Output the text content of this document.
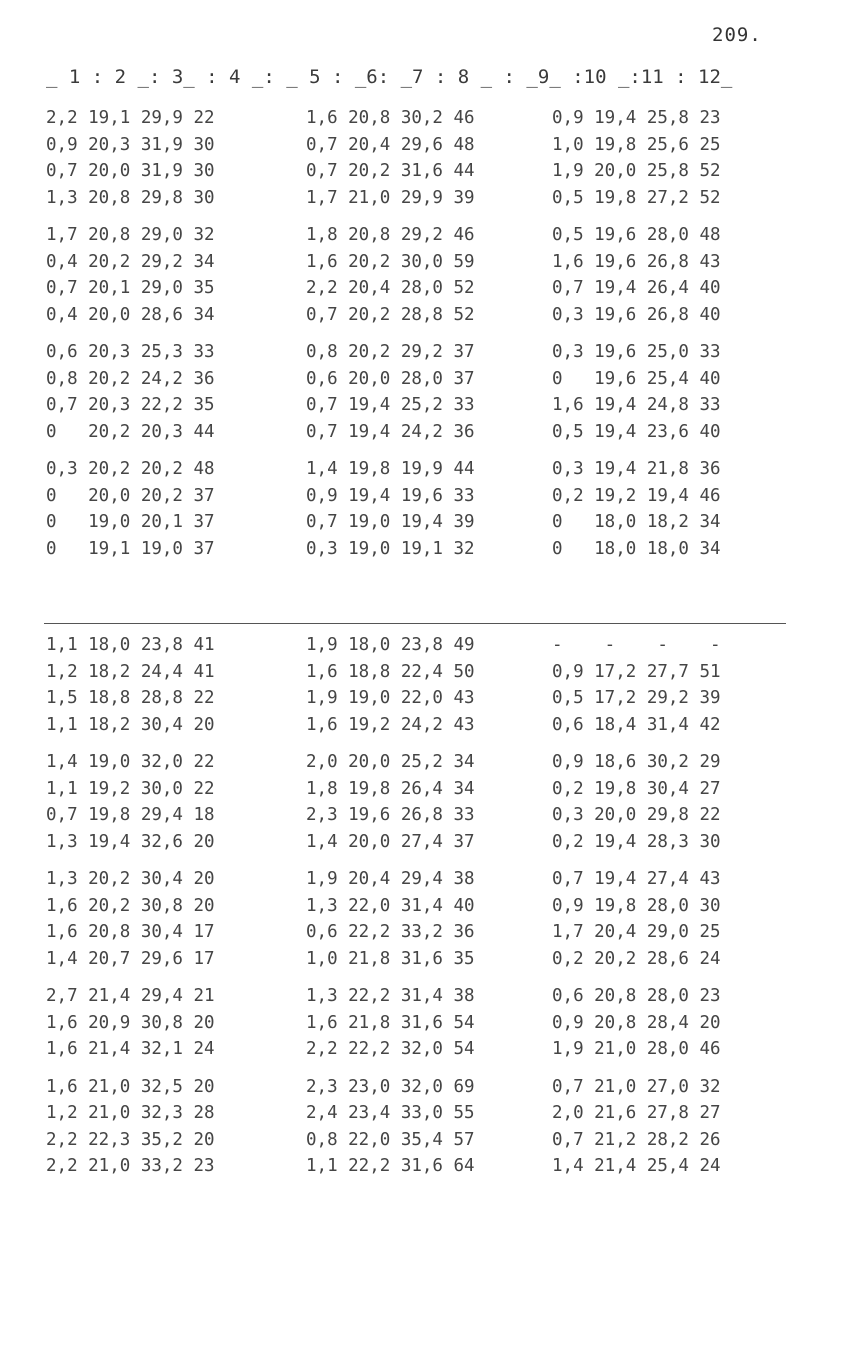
209.
_ 1 : 2 _: 3_ : 4 _: _ 5 : _6: _7 : 8 _ : _9_ :10 _:11 : 12_
2,2 19,1 29,9 22	1,6 20,8 30,2 46	0,9 19,4 25,8 23
0,9 20,3 31,9 30	0,7 20,4 29,6 48	1,0 19,8 25,6 25
0,7 20,0 31,9 30	0,7 20,2 31,6 44	1,9 20,0 25,8 52
1,3 20,8 29,8 30	1,7 21,0 29,9 39	0,5 19,8 27,2 52
1,7 20,8 29,0 32	1,8 20,8 29,2 46	0,5 19,6 28,0 48
0,4 20,2 29,2 34	1,6 20,2 30,0 59	1,6 19,6 26,8 43
0,7 20,1 29,0 35	2,2 20,4 28,0 52	0,7 19,4 26,4 40
0,4 20,0 28,6 34	0,7 20,2 28,8 52	0,3 19,6 26,8 40
0,6 20,3 25,3 33	0,8 20,2 29,2 37	0,3 19,6 25,0 33
0,8 20,2 24,2 36	0,6 20,0 28,0 37	0   19,6 25,4 40
0,7 20,3 22,2 35	0,7 19,4 25,2 33	1,6 19,4 24,8 33
0   20,2 20,3 44	0,7 19,4 24,2 36	0,5 19,4 23,6 40
0,3 20,2 20,2 48	1,4 19,8 19,9 44	0,3 19,4 21,8 36
0   20,0 20,2 37	0,9 19,4 19,6 33	0,2 19,2 19,4 46
0   19,0 20,1 37	0,7 19,0 19,4 39	0   18,0 18,2 34
0   19,1 19,0 37	0,3 19,0 19,1 32	0   18,0 18,0 34
1,1 18,0 23,8 41	1,9 18,0 23,8 49	-    -    -    -
1,2 18,2 24,4 41	1,6 18,8 22,4 50	0,9 17,2 27,7 51
1,5 18,8 28,8 22	1,9 19,0 22,0 43	0,5 17,2 29,2 39
1,1 18,2 30,4 20	1,6 19,2 24,2 43	0,6 18,4 31,4 42
1,4 19,0 32,0 22	2,0 20,0 25,2 34	0,9 18,6 30,2 29
1,1 19,2 30,0 22	1,8 19,8 26,4 34	0,2 19,8 30,4 27
0,7 19,8 29,4 18	2,3 19,6 26,8 33	0,3 20,0 29,8 22
1,3 19,4 32,6 20	1,4 20,0 27,4 37	0,2 19,4 28,3 30
1,3 20,2 30,4 20	1,9 20,4 29,4 38	0,7 19,4 27,4 43
1,6 20,2 30,8 20	1,3 22,0 31,4 40	0,9 19,8 28,0 30
1,6 20,8 30,4 17	0,6 22,2 33,2 36	1,7 20,4 29,0 25
1,4 20,7 29,6 17	1,0 21,8 31,6 35	0,2 20,2 28,6 24
2,7 21,4 29,4 21	1,3 22,2 31,4 38	0,6 20,8 28,0 23
1,6 20,9 30,8 20	1,6 21,8 31,6 54	0,9 20,8 28,4 20
1,6 21,4 32,1 24	2,2 22,2 32,0 54	1,9 21,0 28,0 46
1,6 21,0 32,5 20	2,3 23,0 32,0 69	0,7 21,0 27,0 32
1,2 21,0 32,3 28	2,4 23,4 33,0 55	2,0 21,6 27,8 27
2,2 22,3 35,2 20	0,8 22,0 35,4 57	0,7 21,2 28,2 26
2,2 21,0 33,2 23	1,1 22,2 31,6 64	1,4 21,4 25,4 24
